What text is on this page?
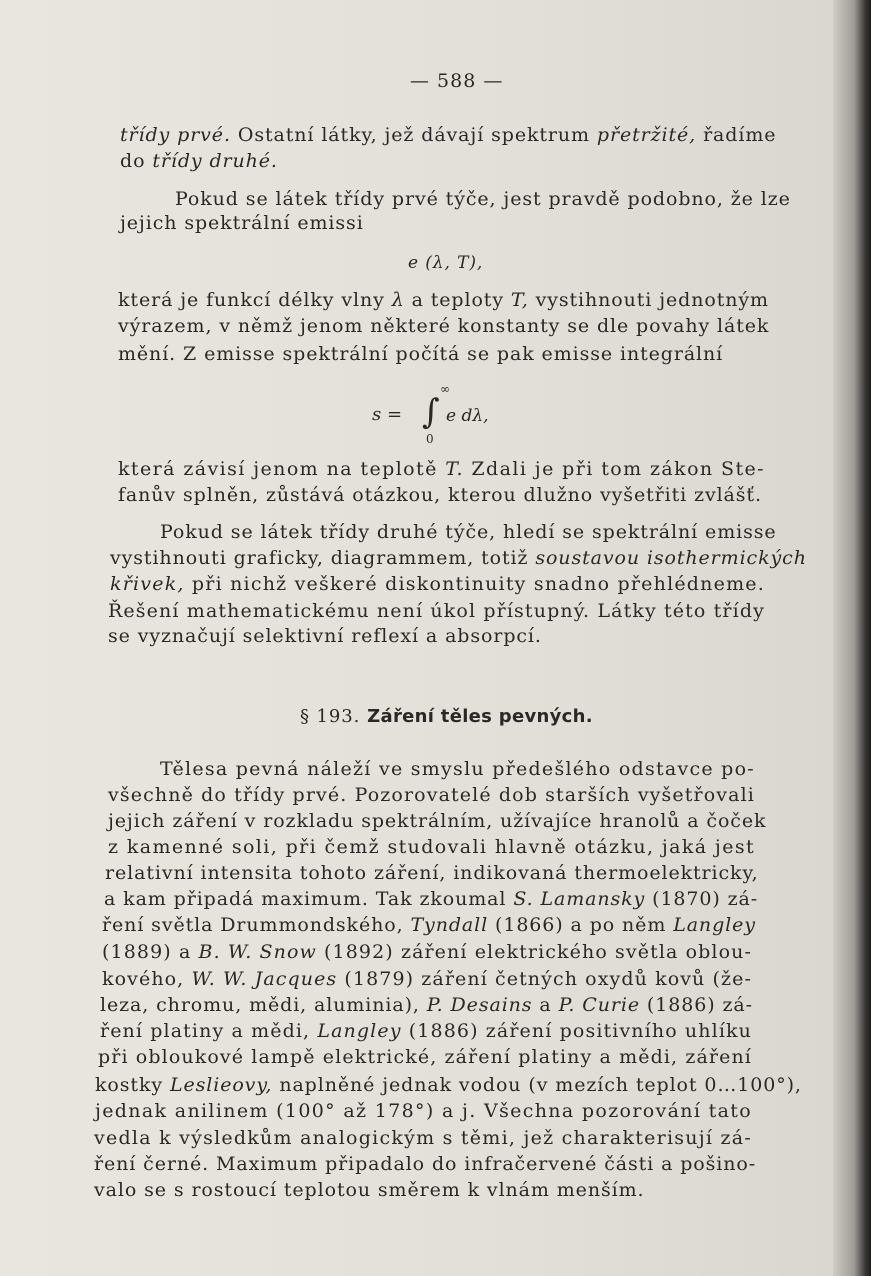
— 588 —
třídy prvé. Ostatní látky, jež dávají spektrum přetržité, řadíme
do třídy druhé.
Pokud se látek třídy prvé týče, jest pravdě podobno, že lze
jejich spektrální emissi
e (λ, T),
která je funkcí délky vlny λ a teploty T, vystihnouti jednotným
výrazem, v němž jenom některé konstanty se dle povahy látek
mění. Z emisse spektrální počítá se pak emisse integrální
s = ∫
∞
0
e dλ,
která závisí jenom na teplotě T. Zdali je při tom zákon Ste-
fanův splněn, zůstává otázkou, kterou dlužno vyšetřiti zvlášť.
Pokud se látek třídy druhé týče, hledí se spektrální emisse
vystihnouti graficky, diagrammem, totiž soustavou isothermických
křivek, při nichž veškeré diskontinuity snadno přehlédneme.
Řešení mathematickému není úkol přístupný. Látky této třídy
se vyznačují selektivní reflexí a absorpcí.
§ 193. Záření těles pevných.
Tělesa pevná náleží ve smyslu předešlého odstavce po-
všechně do třídy prvé. Pozorovatelé dob starších vyšetřovali
jejich záření v rozkladu spektrálním, užívajíce hranolů a čoček
z kamenné soli, při čemž studovali hlavně otázku, jaká jest
relativní intensita tohoto záření, indikovaná thermoelektricky,
a kam připadá maximum. Tak zkoumal S. Lamansky (1870) zá-
ření světla Drummondského, Tyndall (1866) a po něm Langley
(1889) a B. W. Snow (1892) záření elektrického světla oblou-
kového, W. W. Jacques (1879) záření četných oxydů kovů (že-
leza, chromu, mědi, aluminia), P. Desains a P. Curie (1886) zá-
ření platiny a mědi, Langley (1886) záření positivního uhlíku
při obloukové lampě elektrické, záření platiny a mědi, záření
kostky Leslieovy, naplněné jednak vodou (v mezích teplot 0…100°),
jednak anilinem (100° až 178°) a j. Všechna pozorování tato
vedla k výsledkům analogickým s těmi, jež charakterisují zá-
ření černé. Maximum připadalo do infračervené části a pošino-
valo se s rostoucí teplotou směrem k vlnám menším.
